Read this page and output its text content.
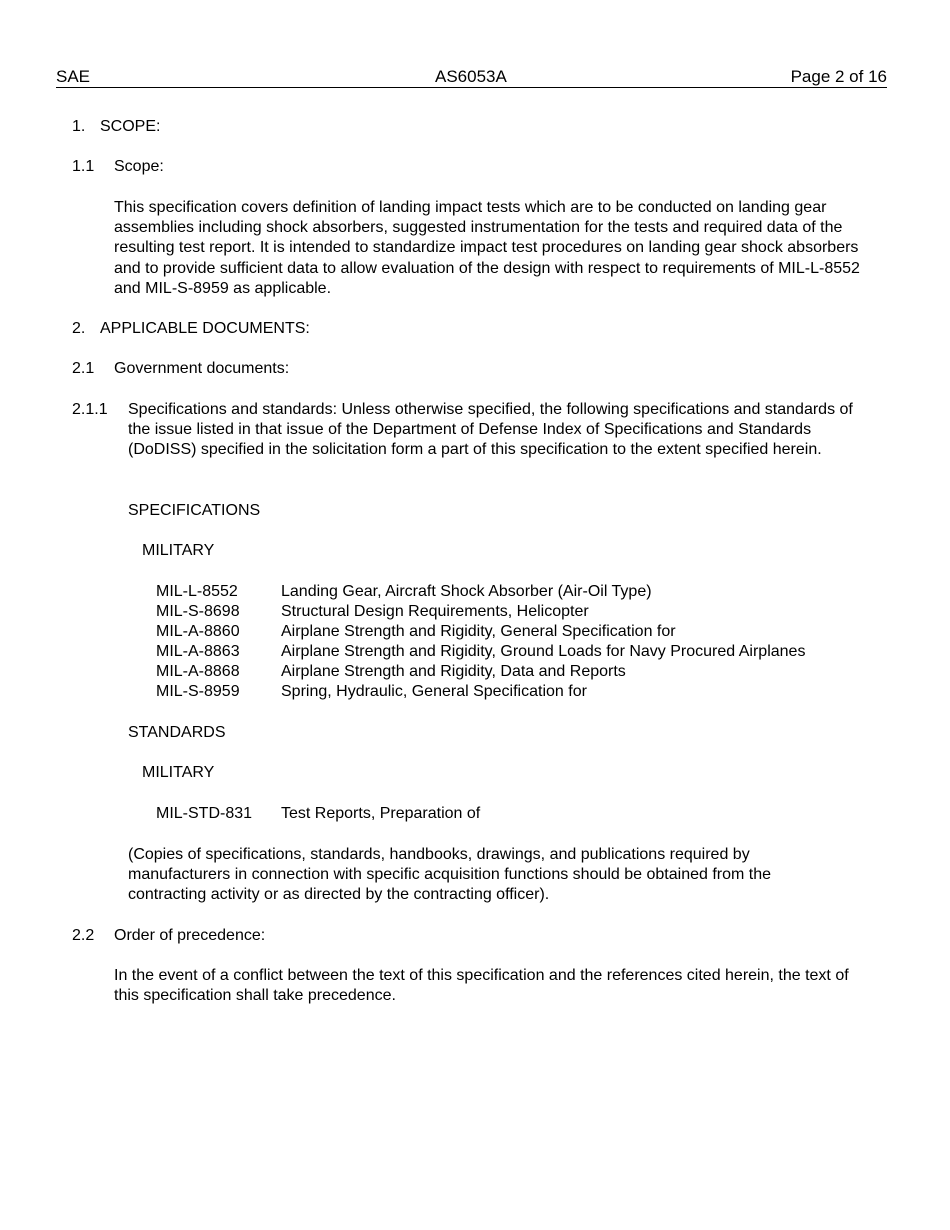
SAE	AS6053A	Page 2 of 16
1. SCOPE:
1.1 Scope:
This specification covers definition of landing impact tests which are to be conducted on landing gear assemblies including shock absorbers, suggested instrumentation for the tests and required data of the resulting test report. It is intended to standardize impact test procedures on landing gear shock absorbers and to provide sufficient data to allow evaluation of the design with respect to requirements of MIL-L-8552 and MIL-S-8959 as applicable.
2. APPLICABLE DOCUMENTS:
2.1 Government documents:
2.1.1 Specifications and standards: Unless otherwise specified, the following specifications and standards of the issue listed in that issue of the Department of Defense Index of Specifications and Standards (DoDISS) specified in the solicitation form a part of this specification to the extent specified herein.
SPECIFICATIONS
MILITARY
MIL-L-8552	Landing Gear, Aircraft Shock Absorber (Air-Oil Type)
MIL-S-8698	Structural Design Requirements, Helicopter
MIL-A-8860	Airplane Strength and Rigidity, General Specification for
MIL-A-8863	Airplane Strength and Rigidity, Ground Loads for Navy Procured Airplanes
MIL-A-8868	Airplane Strength and Rigidity, Data and Reports
MIL-S-8959	Spring, Hydraulic, General Specification for
STANDARDS
MILITARY
MIL-STD-831 Test Reports, Preparation of
(Copies of specifications, standards, handbooks, drawings, and publications required by manufacturers in connection with specific acquisition functions should be obtained from the contracting activity or as directed by the contracting officer).
2.2 Order of precedence:
In the event of a conflict between the text of this specification and the references cited herein, the text of this specification shall take precedence.
